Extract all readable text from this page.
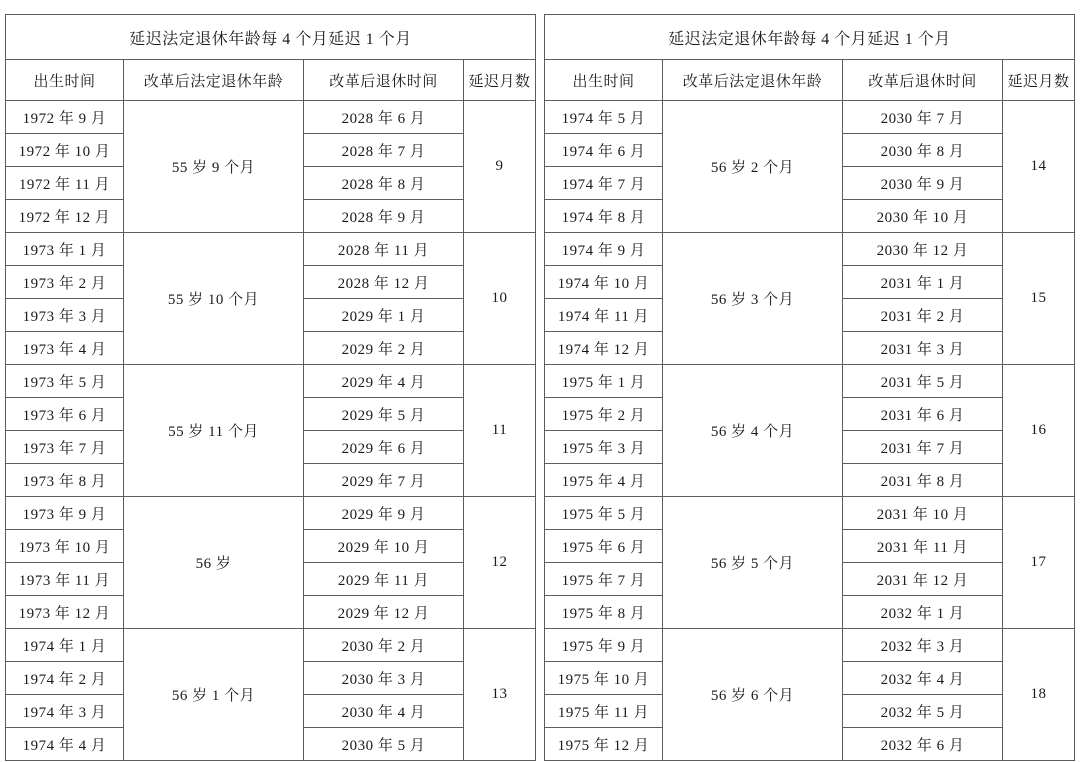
延迟法定退休年龄每 4 个月延迟 1 个月			
出生时间	改革后法定退休年龄	改革后退休时间	延迟月数
1972 年 9 月	55 岁 9 个月	2028 年 6 月	9
1972 年 10 月		2028 年 7 月	
1972 年 11 月		2028 年 8 月	
1972 年 12 月		2028 年 9 月	
1973 年 1 月	55 岁 10 个月	2028 年 11 月	10
1973 年 2 月		2028 年 12 月	
1973 年 3 月		2029 年 1 月	
1973 年 4 月		2029 年 2 月	
1973 年 5 月	55 岁 11 个月	2029 年 4 月	11
1973 年 6 月		2029 年 5 月	
1973 年 7 月		2029 年 6 月	
1973 年 8 月		2029 年 7 月	
1973 年 9 月	56 岁	2029 年 9 月	12
1973 年 10 月		2029 年 10 月	
1973 年 11 月		2029 年 11 月	
1973 年 12 月		2029 年 12 月	
1974 年 1 月	56 岁 1 个月	2030 年 2 月	13
1974 年 2 月		2030 年 3 月	
1974 年 3 月		2030 年 4 月	
1974 年 4 月		2030 年 5 月	
延迟法定退休年龄每 4 个月延迟 1 个月			
出生时间	改革后法定退休年龄	改革后退休时间	延迟月数
1974 年 5 月	56 岁 2 个月	2030 年 7 月	14
1974 年 6 月		2030 年 8 月	
1974 年 7 月		2030 年 9 月	
1974 年 8 月		2030 年 10 月	
1974 年 9 月	56 岁 3 个月	2030 年 12 月	15
1974 年 10 月		2031 年 1 月	
1974 年 11 月		2031 年 2 月	
1974 年 12 月		2031 年 3 月	
1975 年 1 月	56 岁 4 个月	2031 年 5 月	16
1975 年 2 月		2031 年 6 月	
1975 年 3 月		2031 年 7 月	
1975 年 4 月		2031 年 8 月	
1975 年 5 月	56 岁 5 个月	2031 年 10 月	17
1975 年 6 月		2031 年 11 月	
1975 年 7 月		2031 年 12 月	
1975 年 8 月		2032 年 1 月	
1975 年 9 月	56 岁 6 个月	2032 年 3 月	18
1975 年 10 月		2032 年 4 月	
1975 年 11 月		2032 年 5 月	
1975 年 12 月		2032 年 6 月	
